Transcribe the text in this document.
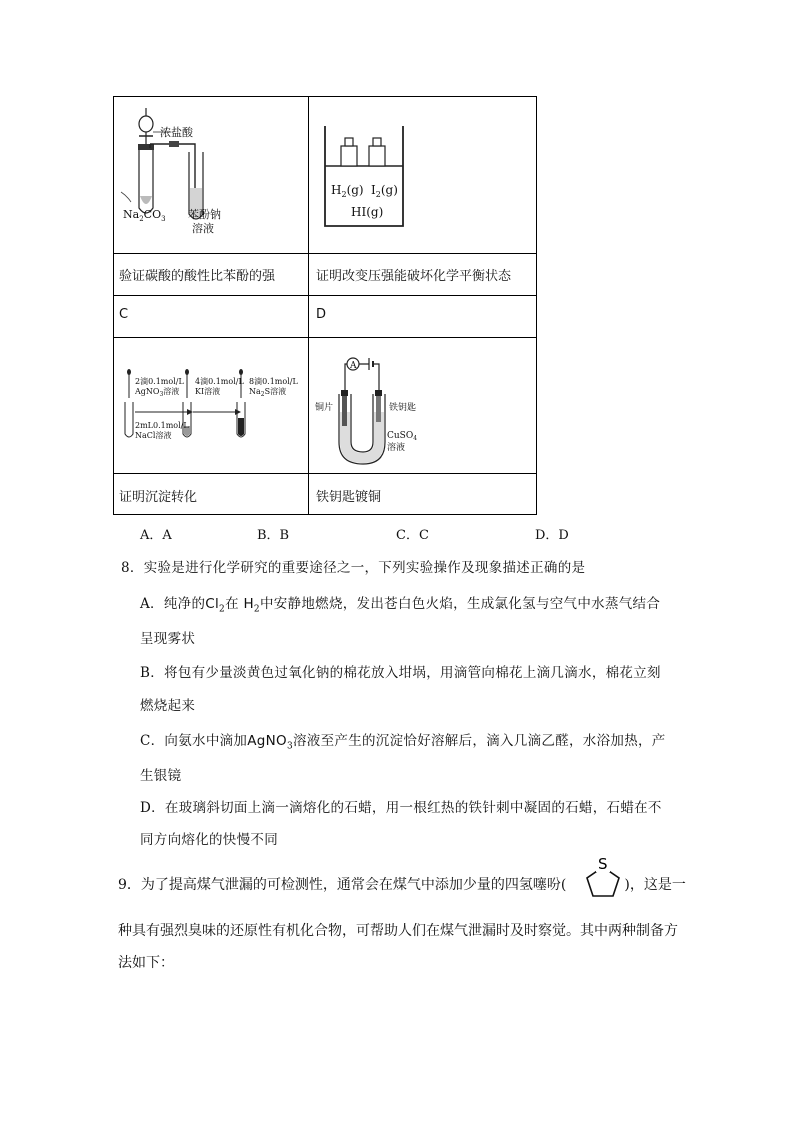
浓盐酸
$Na_2CO_3$ 苯酚钠
溶液
$H_2(g)$ $I_2(g)$
HI(g)
验证碳酸的酸性比苯酚的强	证明改变压强能破坏化学平衡状态
C	D
2滴0.1mol/L
AgNO$_3$溶液
4滴0.1mol/L
KI溶液
8滴0.1mol/L
$Na_2S$溶液
2mL0.1mol/L
NaCl溶液
A
铜片	铁钥匙
CuSO$_4$
溶液
证明沉淀转化	铁钥匙镀铜
A．A	B．B	C．C	D．D
8．实验是进行化学研究的重要途径之一，下列实验操作及现象描述正确的是
A．纯净的$Cl_2$在 $H_2$中安静地燃烧，发出苍白色火焰，生成氯化氢与空气中水蒸气结合
呈现雾状
B．将包有少量淡黄色过氧化钠的棉花放入坩埚，用滴管向棉花上滴几滴水，棉花立刻
燃烧起来
C．向氨水中滴加AgNO$_3$溶液至产生的沉淀恰好溶解后，滴入几滴乙醛，水浴加热，产
生银镜
D．在玻璃斜切面上滴一滴熔化的石蜡，用一根红热的铁针刺中凝固的石蜡，石蜡在不
同方向熔化的快慢不同
9．为了提高煤气泄漏的可检测性，通常会在煤气中添加少量的四氢噻吩(	)，这是一
S
种具有强烈臭味的还原性有机化合物，可帮助人们在煤气泄漏时及时察觉。其中两种制备方
法如下：
